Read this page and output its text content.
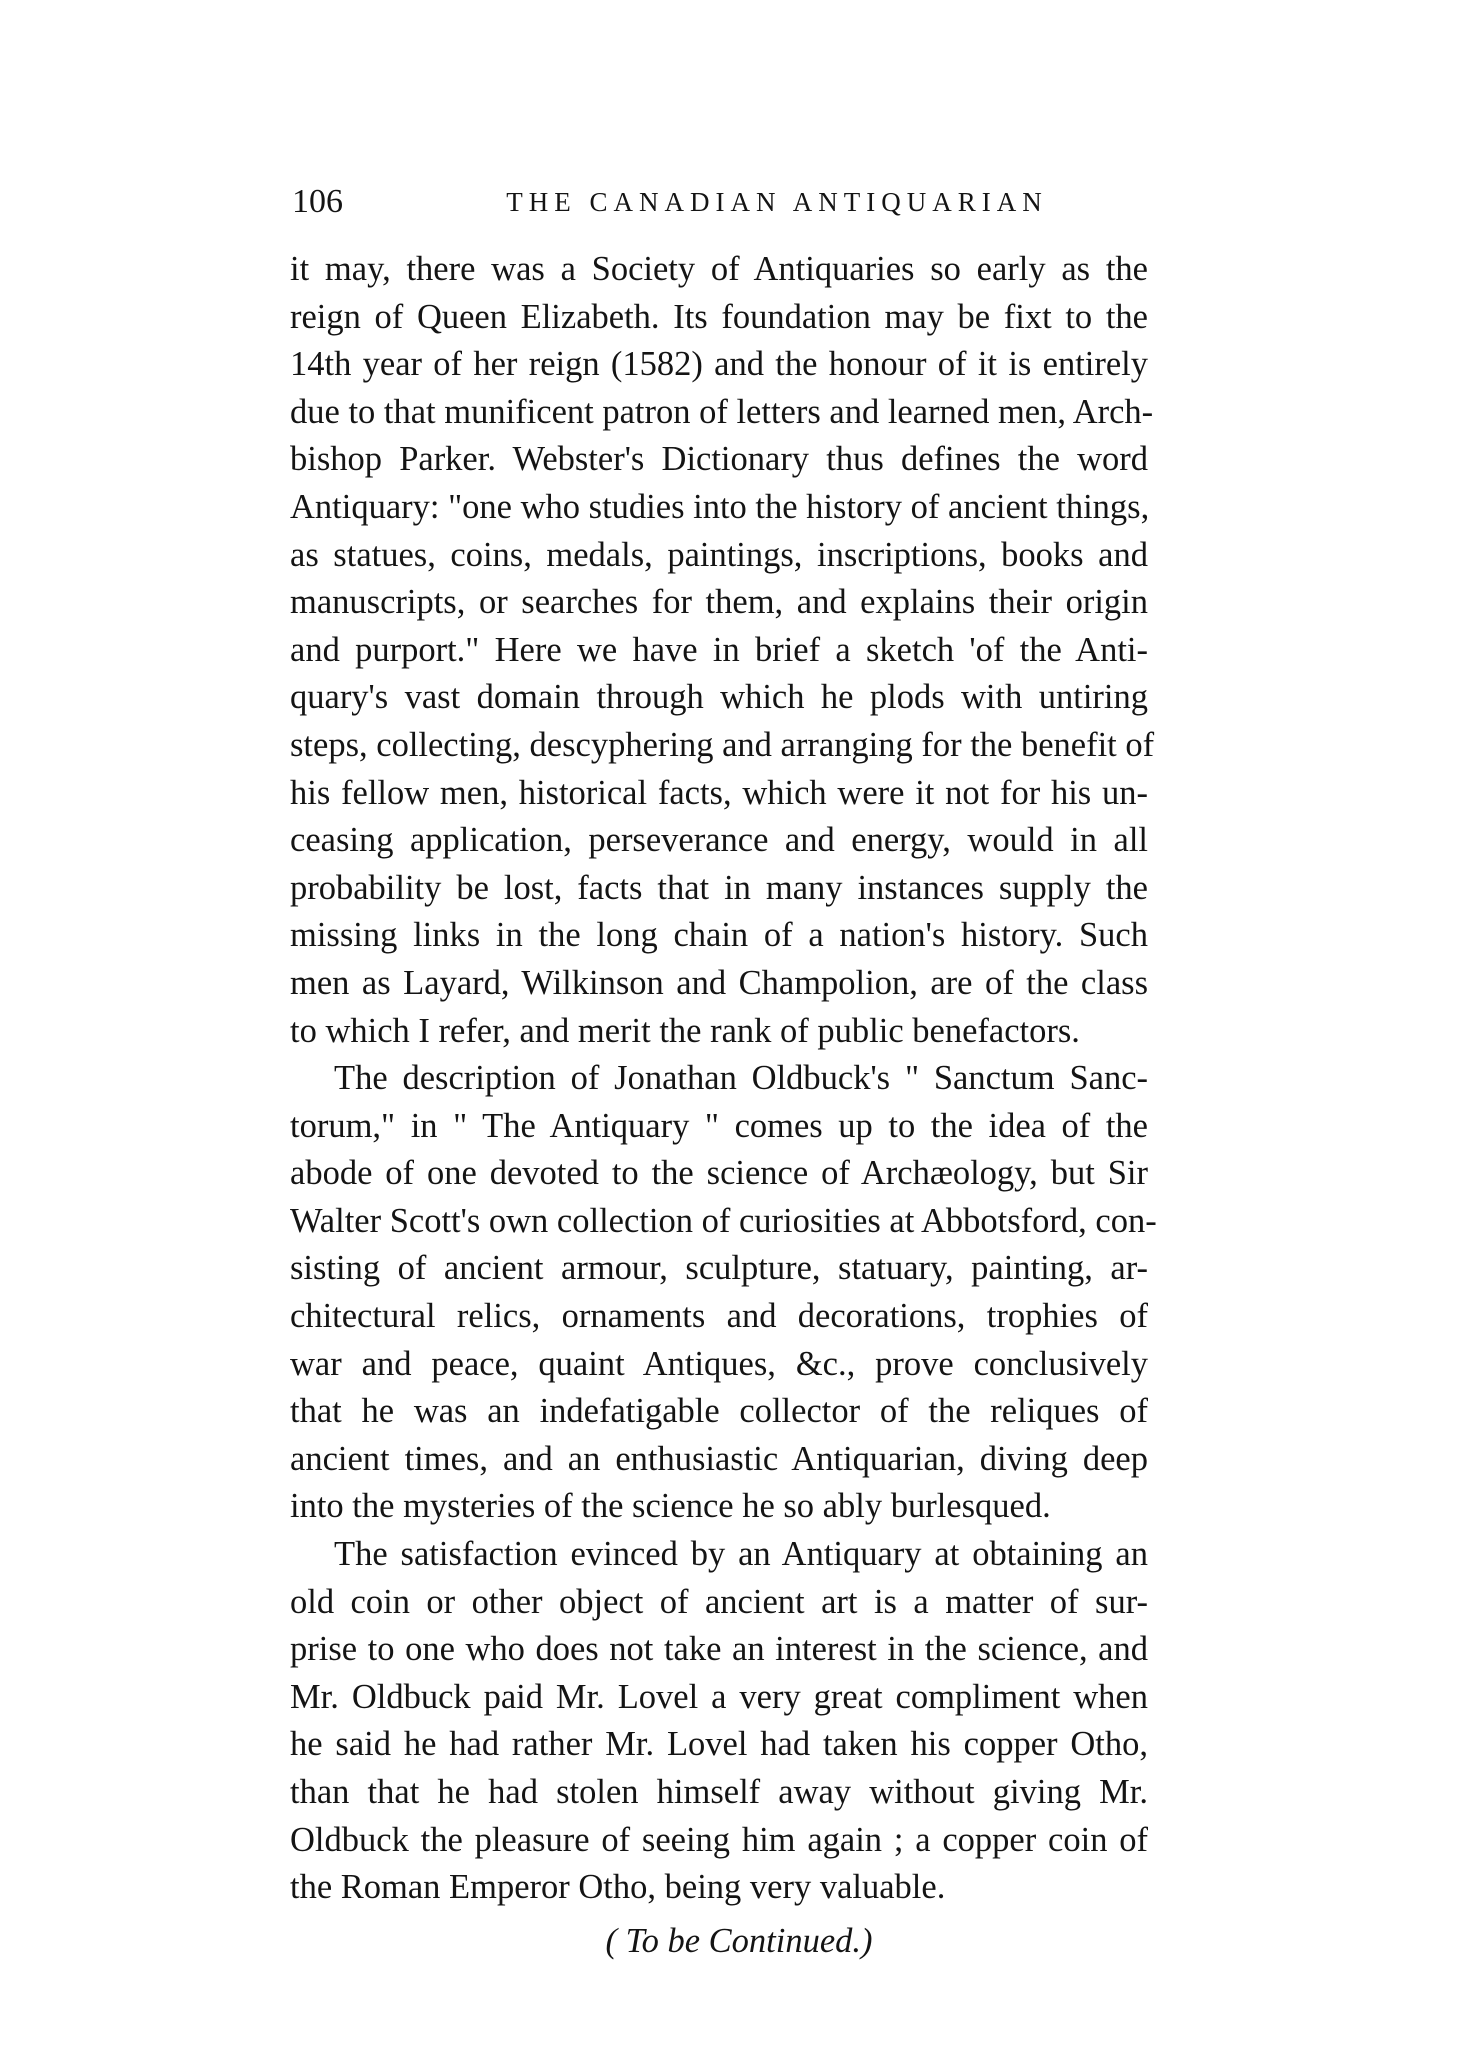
106	THE CANADIAN ANTIQUARIAN
it may, there was a Society of Antiquaries so early as the
reign of Queen Elizabeth. Its foundation may be fixt to the
14th year of her reign (1582) and the honour of it is entirely
due to that munificent patron of letters and learned men, Arch-
bishop Parker. Webster's Dictionary thus defines the word
Antiquary: "one who studies into the history of ancient things,
as statues, coins, medals, paintings, inscriptions, books and
manuscripts, or searches for them, and explains their origin
and purport." Here we have in brief a sketch 'of the Anti-
quary's vast domain through which he plods with untiring
steps, collecting, descyphering and arranging for the benefit of
his fellow men, historical facts, which were it not for his un-
ceasing application, perseverance and energy, would in all
probability be lost, facts that in many instances supply the
missing links in the long chain of a nation's history. Such
men as Layard, Wilkinson and Champolion, are of the class
to which I refer, and merit the rank of public benefactors.
The description of Jonathan Oldbuck's " Sanctum Sanc-
torum," in " The Antiquary " comes up to the idea of the
abode of one devoted to the science of Archæology, but Sir
Walter Scott's own collection of curiosities at Abbotsford, con-
sisting of ancient armour, sculpture, statuary, painting, ar-
chitectural relics, ornaments and decorations, trophies of
war and peace, quaint Antiques, &c., prove conclusively
that he was an indefatigable collector of the reliques of
ancient times, and an enthusiastic Antiquarian, diving deep
into the mysteries of the science he so ably burlesqued.
The satisfaction evinced by an Antiquary at obtaining an
old coin or other object of ancient art is a matter of sur-
prise to one who does not take an interest in the science, and
Mr. Oldbuck paid Mr. Lovel a very great compliment when
he said he had rather Mr. Lovel had taken his copper Otho,
than that he had stolen himself away without giving Mr.
Oldbuck the pleasure of seeing him again ; a copper coin of
the Roman Emperor Otho, being very valuable.
( To be Continued.)
